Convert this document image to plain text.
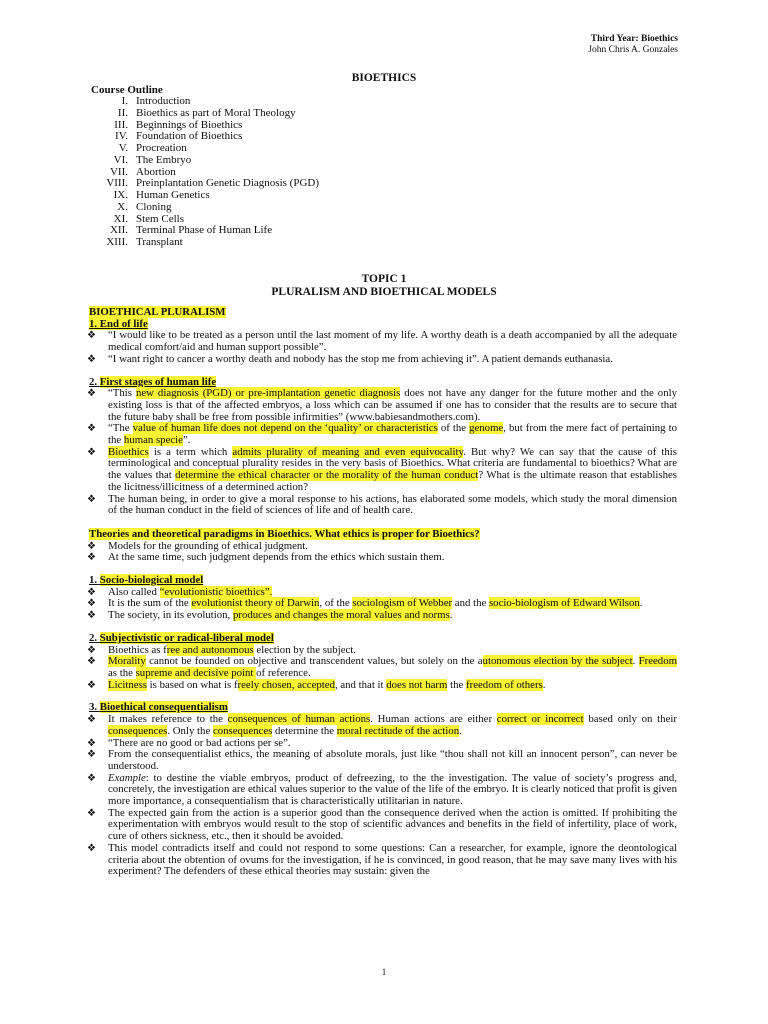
Third Year: Bioethics
John Chris A. Gonzales
BIOETHICS
Course Outline
I. Introduction
II. Bioethics as part of Moral Theology
III. Beginnings of Bioethics
IV. Foundation of Bioethics
V. Procreation
VI. The Embryo
VII. Abortion
VIII. Preinplantation Genetic Diagnosis (PGD)
IX. Human Genetics
X. Cloning
XI. Stem Cells
XII. Terminal Phase of Human Life
XIII. Transplant
TOPIC 1
PLURALISM AND BIOETHICAL MODELS
BIOETHICAL PLURALISM
1. End of life
❖ “I would like to be treated as a person until the last moment of my life. A worthy death is a death accompanied by all the adequate medical comfort/aid and human support possible”.
❖ “I want right to cancer a worthy death and nobody has the stop me from achieving it”. A patient demands euthanasia.
2. First stages of human life
❖ “This new diagnosis (PGD) or pre-implantation genetic diagnosis does not have any danger for the future mother and the only existing loss is that of the affected embryos, a loss which can be assumed if one has to consider that the results are to secure that the future baby shall be free from possible infirmities” (www.babiesandmothers.com).
❖ “The value of human life does not depend on the ‘quality’ or characteristics of the genome, but from the mere fact of pertaining to the human specie”.
❖ Bioethics is a term which admits plurality of meaning and even equivocality. But why? We can say that the cause of this terminological and conceptual plurality resides in the very basis of Bioethics. What criteria are fundamental to bioethics? What are the values that determine the ethical character or the morality of the human conduct? What is the ultimate reason that establishes the licitness/illicitness of a determined action?
❖ The human being, in order to give a moral response to his actions, has elaborated some models, which study the moral dimension of the human conduct in the field of sciences of life and of health care.
Theories and theoretical paradigms in Bioethics. What ethics is proper for Bioethics?
❖ Models for the grounding of ethical judgment.
❖ At the same time, such judgment depends from the ethics which sustain them.
1. Socio-biological model
❖ Also called “evolutionistic bioethics”.
❖ It is the sum of the evolutionist theory of Darwin, of the sociologism of Webber and the socio-biologism of Edward Wilson.
❖ The society, in its evolution, produces and changes the moral values and norms.
2. Subjectivistic or radical-liberal model
❖ Bioethics as free and autonomous election by the subject.
❖ Morality cannot be founded on objective and transcendent values, but solely on the autonomous election by the subject. Freedom as the supreme and decisive point of reference.
❖ Licitness is based on what is freely chosen, accepted, and that it does not harm the freedom of others.
3. Bioethical consequentialism
❖ It makes reference to the consequences of human actions. Human actions are either correct or incorrect based only on their consequences. Only the consequences determine the moral rectitude of the action.
❖ “There are no good or bad actions per se”.
❖ From the consequentialist ethics, the meaning of absolute morals, just like “thou shall not kill an innocent person”, can never be understood.
❖ Example: to destine the viable embryos, product of defreezing, to the the investigation. The value of society’s progress and, concretely, the investigation are ethical values superior to the value of the life of the embryo. It is clearly noticed that profit is given more importance, a consequentialism that is characteristically utilitarian in nature.
❖ The expected gain from the action is a superior good than the consequence derived when the action is omitted. If prohibiting the experimentation with embryos would result to the stop of scientific advances and benefits in the field of infertility, place of work, cure of others sickness, etc., then it should be avoided.
❖ This model contradicts itself and could not respond to some questions: Can a researcher, for example, ignore the deontological criteria about the obtention of ovums for the investigation, if he is convinced, in good reason, that he may save many lives with his experiment? The defenders of these ethical theories may sustain: given the
1
